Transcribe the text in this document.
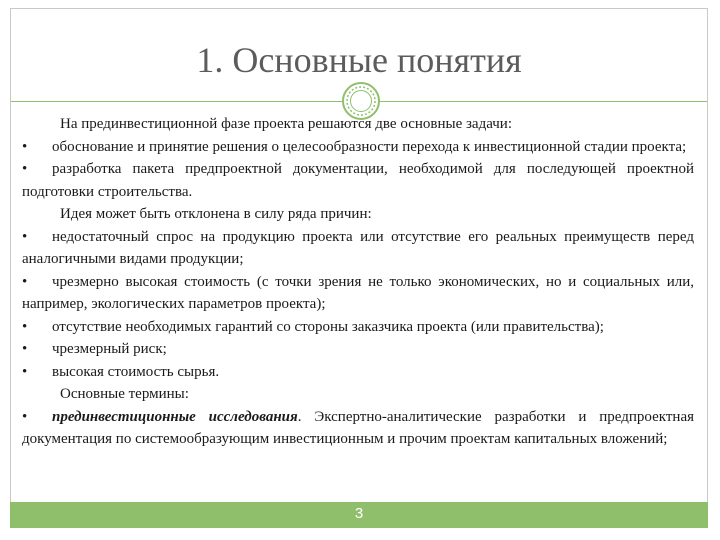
1. Основные понятия

На прединвестиционной фазе проекта решаются две основные задачи:

• обоснование и принятие решения о целесообразности перехода к инвестиционной стадии проекта;

• разработка пакета предпроектной документации, необходимой для последующей проектной подготовки строительства.

Идея может быть отклонена в силу ряда причин:

• недостаточный спрос на продукцию проекта или отсутствие его реальных преимуществ перед аналогичными видами продукции;

• чрезмерно высокая стоимость (с точки зрения не только экономических, но и социальных или, например, экологических параметров проекта);

• отсутствие необходимых гарантий со стороны заказчика проекта (или правительства);

• чрезмерный риск;

• высокая стоимость сырья.

Основные термины:

• прединвестиционные исследования. Экспертно-аналитические разработки и предпроектная документация по системообразующим инвестиционным и прочим проектам капитальных вложений;

3
